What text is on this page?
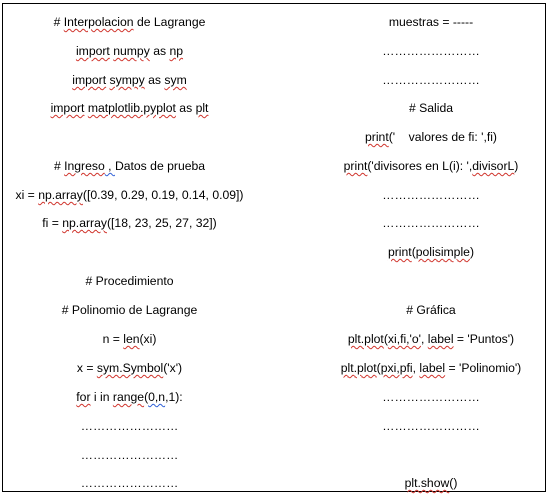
# Interpolacion de Lagrange
import numpy as np
import sympy as sym
import matplotlib.pyplot as plt
# Ingreso , Datos de prueba
xi = np.array([0.39, 0.29, 0.19, 0.14, 0.09])
fi = np.array([18, 23, 25, 27, 32])
# Procedimiento
# Polinomio de Lagrange
n = len(xi)
x = sym.Symbol('x')
for i in range(0,n,1):
……………………
……………………
……………………
muestras = -----
……………………
……………………
# Salida
print('    valores de fi: ',fi)
print('divisores en L(i): ',divisorL)
……………………
……………………
print(polisimple)
# Gráfica
plt.plot(xi,fi,'o', label = 'Puntos')
plt.plot(pxi,pfi, label = 'Polinomio')
……………………
……………………
plt.show()
